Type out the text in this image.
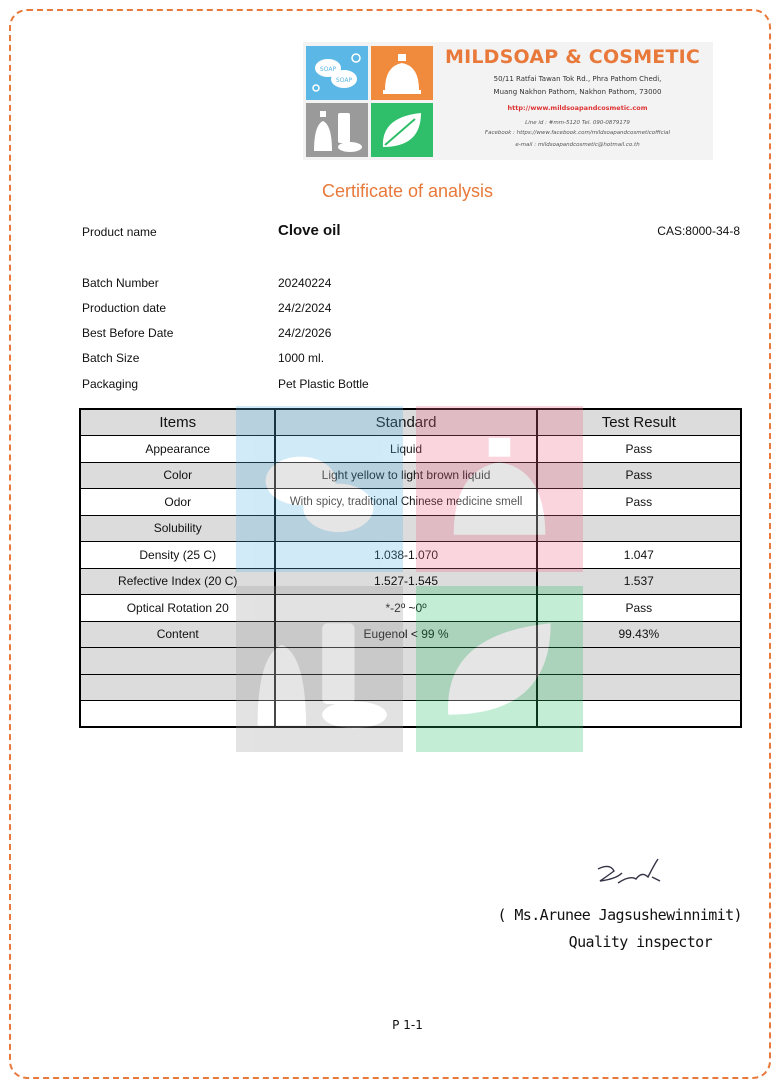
SOAP
SOAP
MILDSOAP & COSMETIC
50/11 Ratfai Tawan Tok Rd., Phra Pathom Chedi,
Muang Nakhon Pathom, Nakhon Pathom, 73000
http://www.mildsoapandcosmetic.com
Line id : #mm-5120 Tel. 090-0879179
Facebook : https://www.facebook.com/mildsoapandcosmeticofficial
e-mail : mildsoapandcosmetic@hotmail.co.th
Certificate of analysis
Product name	Clove oil	CAS:8000-34-8
Batch Number	20240224
Production date	24/2/2024
Best Before Date	24/2/2026
Batch Size	1000 ml.
Packaging	Pet Plastic Bottle
Items	Standard	Test Result
Appearance	Liquid	Pass
Color	Light yellow to light brown liquid	Pass
Odor	With spicy, traditional Chinese medicine smell	Pass
Solubility		
Density (25 C)	1.038-1.070	1.047
Refective Index (20 C)	1.527-1.545	1.537
Optical Rotation 20	*-2º ~0º	Pass
Content	Eugenol < 99 %	99.43%

( Ms.Arunee Jagsushewinnimit)
Quality inspector
P 1-1
